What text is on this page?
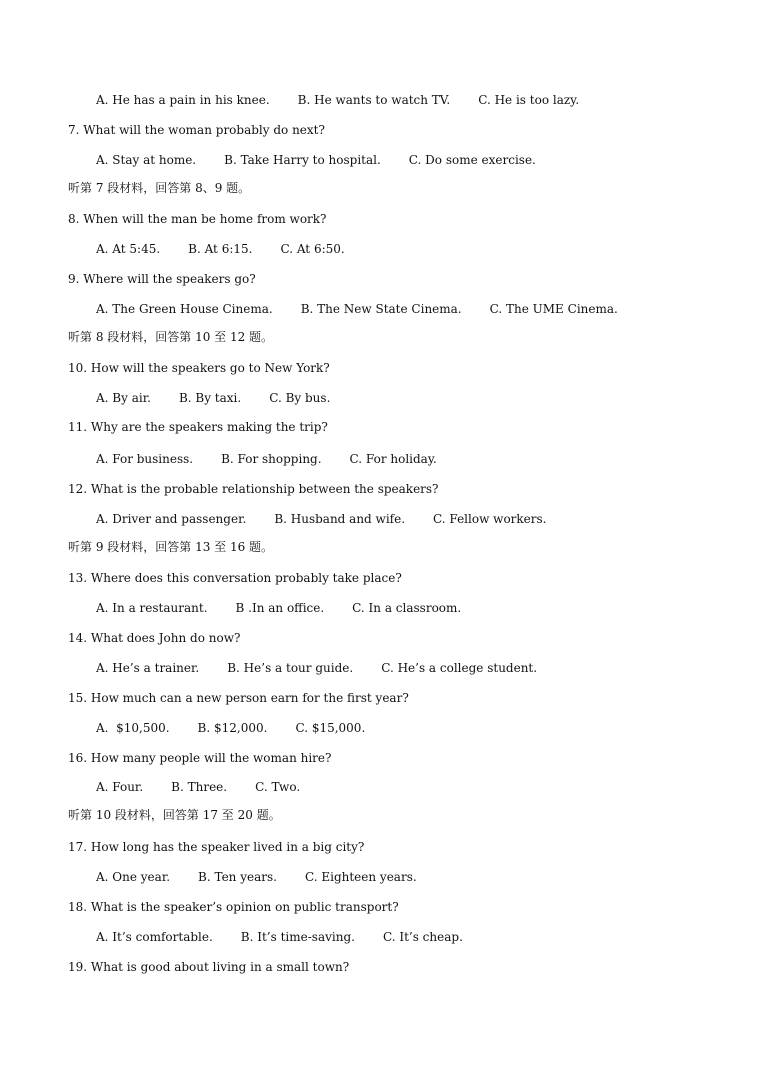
A. He has a pain in his knee. B. He wants to watch TV. C. He is too lazy.
7. What will the woman probably do next?
A. Stay at home. B. Take Harry to hospital. C. Do some exercise.
听第 7 段材料，回答第 8、9 题。
8. When will the man be home from work?
A. At 5:45. B. At 6:15. C. At 6:50.
9. Where will the speakers go?
A. The Green House Cinema. B. The New State Cinema. C. The UME Cinema.
听第 8 段材料，回答第 10 至 12 题。
10. How will the speakers go to New York?
A. By air. B. By taxi. C. By bus.
11. Why are the speakers making the trip?
A. For business. B. For shopping. C. For holiday.
12. What is the probable relationship between the speakers?
A. Driver and passenger. B. Husband and wife. C. Fellow workers.
听第 9 段材料，回答第 13 至 16 题。
13. Where does this conversation probably take place?
A. In a restaurant. B .In an office. C. In a classroom.
14. What does John do now?
A. He’s a trainer. B. He’s a tour guide. C. He’s a college student.
15. How much can a new person earn for the first year?
A.  $10,500. B. $12,000. C. $15,000.
16. How many people will the woman hire?
A. Four. B. Three. C. Two.
听第 10 段材料，回答第 17 至 20 题。
17. How long has the speaker lived in a big city?
A. One year. B. Ten years. C. Eighteen years.
18. What is the speaker’s opinion on public transport?
A. It’s comfortable. B. It’s time-saving. C. It’s cheap.
19. What is good about living in a small town?
